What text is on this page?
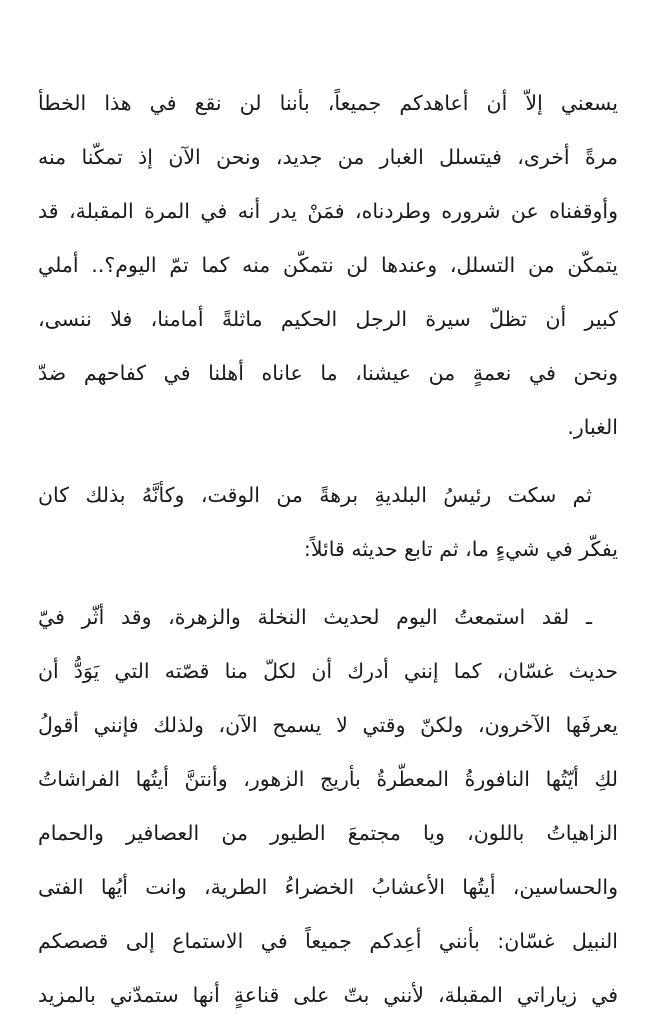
يسعني إلاّ أن أعاهدكم جميعاً، بأننا لن نقع في هذا الخطأ
مرةً أخرى، فيتسلل الغبار من جديد، ونحن الآن إذ تمكّنا منه
وأوقفناه عن شروره وطردناه، فمَنْ يدر أنه في المرة المقبلة، قد
يتمكّن من التسلل، وعندها لن نتمكّن منه كما تمّ اليوم؟.. أملي
كبير أن تظلّ سيرة الرجل الحكيم ماثلةً أمامنا، فلا ننسى،
ونحن في نعمةٍ من عيشنا، ما عاناه أهلنا في كفاحهم ضدّ
الغبار.
ثم سكت رئيسُ البلديةِ برهةً من الوقت، وكأنَّهُ بذلك كان
يفكّر في شيءٍ ما، ثم تابع حديثه قائلاً:
ـ لقد استمعتُ اليوم لحديث النخلة والزهرة، وقد أثّر فيّ
حديث غسّان، كما إنني أدرك أن لكلّ منا قصّته التي يَوَدُّ أن
يعرفَها الآخرون، ولكنّ وقتي لا يسمح الآن، ولذلك فإنني أقولُ
لكِ أيّتُها النافورةُ المعطّرةُ بأريج الزهور، وأنتنَّ أيتُها الفراشاتُ
الزاهياتُ باللون، ويا مجتمعَ الطيور من العصافير والحمام
والحساسين، أيتُها الأعشابُ الخضراءُ الطرية، وانت أيُها الفتى
النبيل غسّان: بأنني أعِدكم جميعاً في الاستماع إلى قصصكم
في زياراتي المقبلة، لأنني بتّ على قناعةٍ أنها ستمدّني بالمزيد
